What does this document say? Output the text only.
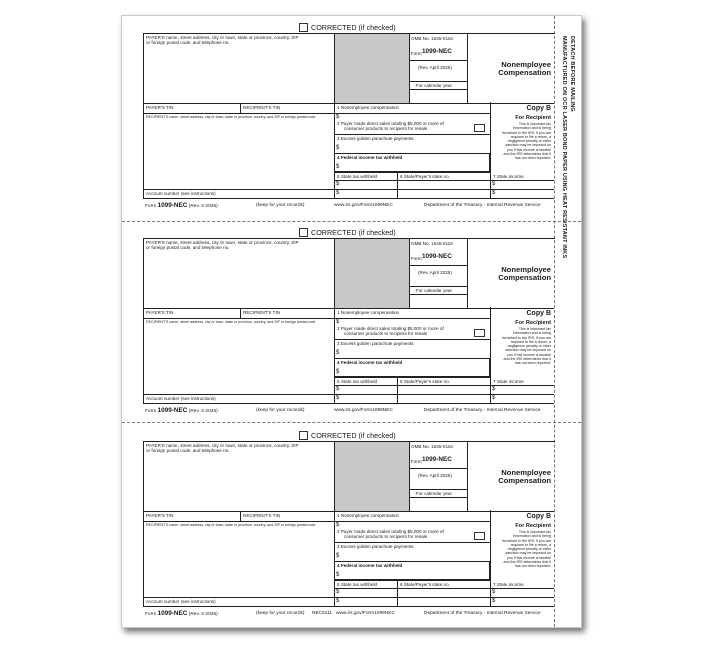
DETACH BEFORE MAILING
MANUFACTURED ON OCR LASER BOND PAPER USING HEAT RESISTANT INKS
CORRECTED (if checked)
PAYER'S name, street address, city or town, state or province, country, ZIP
or foreign postal code, and telephone no.
OMB No. 1545-0116
Form 1099-NEC
(Rev. April 2025)
For calendar year
Nonemployee
Compensation
PAYER'S TIN	RECIPIENT'S TIN
RECIPIENT'S name, street address, city or town, state or province, country, and ZIP or foreign postal code
Account number (see instructions)
1 Nonemployee compensation
$
2 Payer made direct sales totaling $5,000 or more of
consumer products to recipient for resale
3 Excess golden parachute payments
$
4 Federal income tax withheld
$
5 State tax withheld
$
$
6 State/Payer's state no.	7 State income
$
$
Copy B
For Recipient
This is important tax
information and is being
furnished to the IRS. If you are
required to file a return, a
negligence penalty or other
sanction may be imposed on
you if this income is taxable
and the IRS determines that it
has not been reported.
Form 1099-NEC (Rev. 4-2025)	(keep for your records)	www.irs.gov/Form1099NEC	Department of the Treasury - Internal Revenue Service
CORRECTED (if checked)
PAYER'S name, street address, city or town, state or province, country, ZIP
or foreign postal code, and telephone no.
OMB No. 1545-0116
Form 1099-NEC
(Rev. April 2025)
For calendar year
Nonemployee
Compensation
PAYER'S TIN	RECIPIENT'S TIN
RECIPIENT'S name, street address, city or town, state or province, country, and ZIP or foreign postal code
Account number (see instructions)
1 Nonemployee compensation
$
2 Payer made direct sales totaling $5,000 or more of
consumer products to recipient for resale
3 Excess golden parachute payments
$
4 Federal income tax withheld
$
5 State tax withheld
$
$
6 State/Payer's state no.	7 State income
$
$
Copy B
For Recipient
This is important tax
information and is being
furnished to the IRS. If you are
required to file a return, a
negligence penalty or other
sanction may be imposed on
you if this income is taxable
and the IRS determines that it
has not been reported.
Form 1099-NEC (Rev. 4-2025)	(keep for your records)	www.irs.gov/Form1099NEC	Department of the Treasury - Internal Revenue Service
CORRECTED (if checked)
PAYER'S name, street address, city or town, state or province, country, ZIP
or foreign postal code, and telephone no.
OMB No. 1545-0116
Form 1099-NEC
(Rev. April 2025)
For calendar year
Nonemployee
Compensation
PAYER'S TIN	RECIPIENT'S TIN
RECIPIENT'S name, street address, city or town, state or province, country, and ZIP or foreign postal code
Account number (see instructions)
1 Nonemployee compensation
$
2 Payer made direct sales totaling $5,000 or more of
consumer products to recipient for resale
3 Excess golden parachute payments
$
4 Federal income tax withheld
$
5 State tax withheld
$
$
6 State/Payer's state no.	7 State income
$
$
Copy B
For Recipient
This is important tax
information and is being
furnished to the IRS. If you are
required to file a return, a
negligence penalty or other
sanction may be imposed on
you if this income is taxable
and the IRS determines that it
has not been reported.
Form 1099-NEC (Rev. 4-2025)	(keep for your records)	www.irs.gov/Form1099NEC	Department of the Treasury - Internal Revenue Service
NEC5111
